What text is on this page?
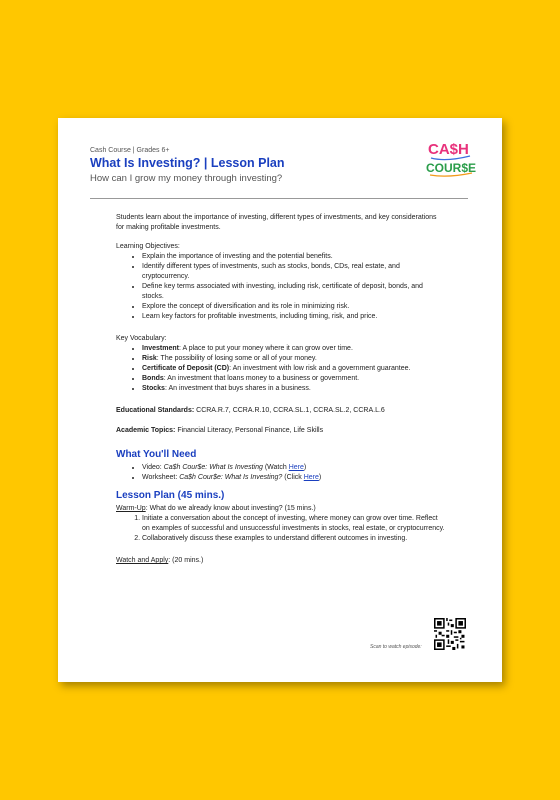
Cash Course | Grades 6+

What Is Investing? | Lesson Plan

How can I grow my money through investing?

CA$H
COUR$E

Students learn about the importance of investing, different types of investments, and key considerations for making profitable investments.

Learning Objectives:

• Explain the importance of investing and the potential benefits.
• Identify different types of investments, such as stocks, bonds, CDs, real estate, and cryptocurrency.
• Define key terms associated with investing, including risk, certificate of deposit, bonds, and stocks.
• Explore the concept of diversification and its role in minimizing risk.
• Learn key factors for profitable investments, including timing, risk, and price.

Key Vocabulary:

• Investment: A place to put your money where it can grow over time.
• Risk: The possibility of losing some or all of your money.
• Certificate of Deposit (CD): An investment with low risk and a government guarantee.
• Bonds: An investment that loans money to a business or government.
• Stocks: An investment that buys shares in a business.

Educational Standards: CCRA.R.7, CCRA.R.10, CCRA.SL.1, CCRA.SL.2, CCRA.L.6

Academic Topics: Financial Literacy, Personal Finance, Life Skills

What You'll Need

• Video: Ca$h Cour$e: What Is Investing (Watch Here)
• Worksheet: Ca$h Cour$e: What Is Investing? (Click Here)

Lesson Plan (45 mins.)

Warm-Up: What do we already know about investing? (15 mins.)

1. Initiate a conversation about the concept of investing, where money can grow over time. Reflect on examples of successful and unsuccessful investments in stocks, real estate, or cryptocurrency.
2. Collaboratively discuss these examples to understand different outcomes in investing.

Watch and Apply: (20 mins.)

Scan to watch episode:
